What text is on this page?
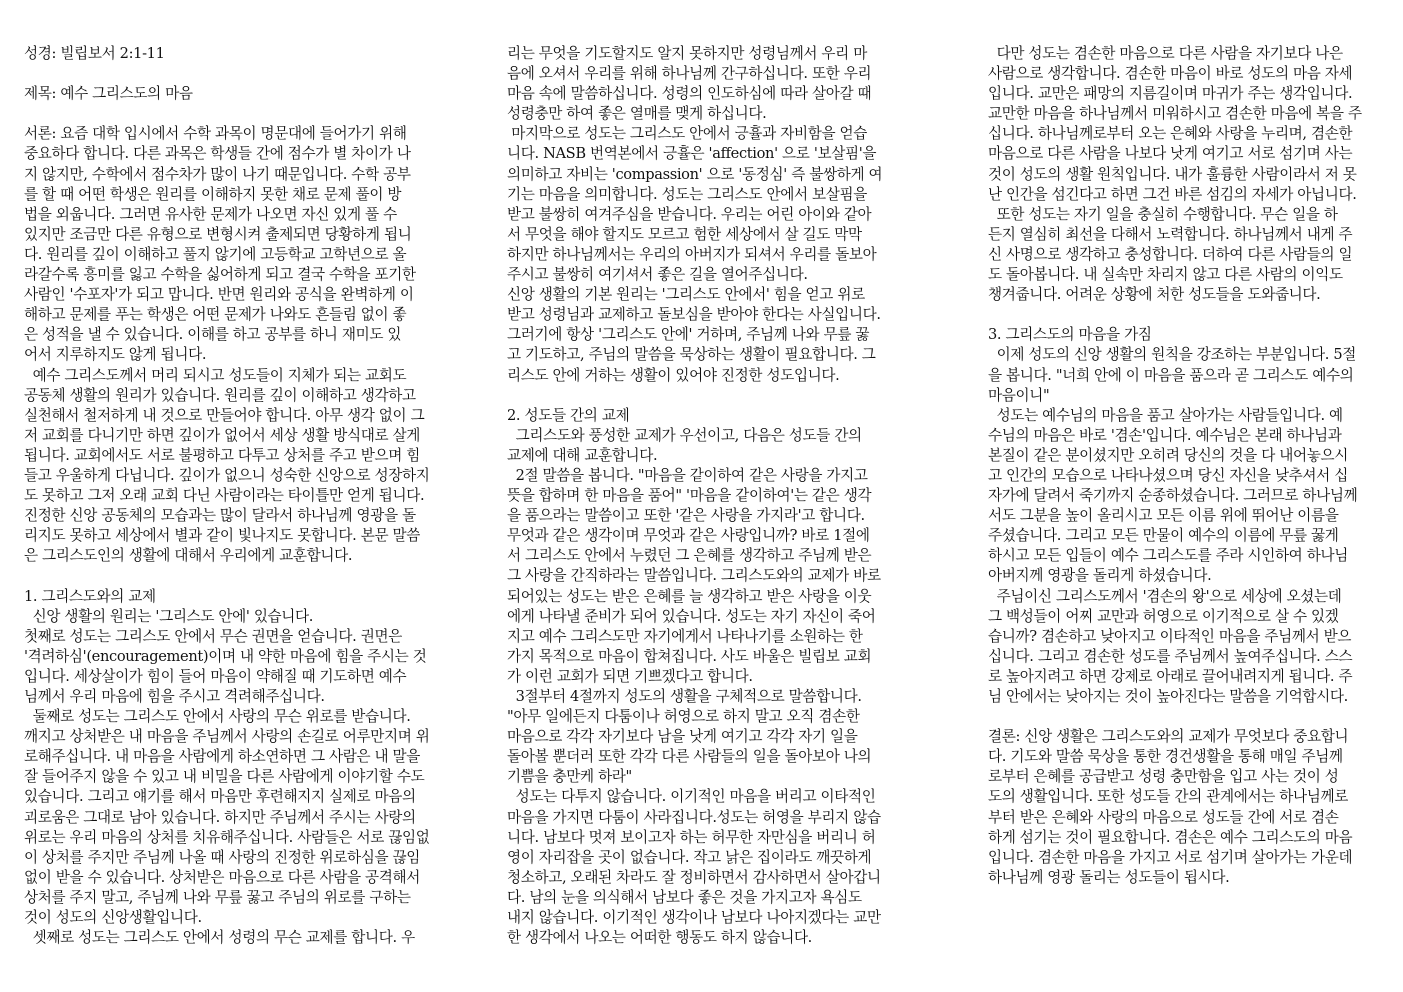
성경: 빌립보서 2:1-11
제목: 예수 그리스도의 마음
서론: 요즘 대학 입시에서 수학 과목이 명문대에 들어가기 위해
중요하다 합니다. 다른 과목은 학생들 간에 점수가 별 차이가 나
지 않지만, 수학에서 점수차가 많이 나기 때문입니다. 수학 공부
를 할 때 어떤 학생은 원리를 이해하지 못한 채로 문제 풀이 방
법을 외웁니다. 그러면 유사한 문제가 나오면 자신 있게 풀 수
있지만 조금만 다른 유형으로 변형시켜 출제되면 당황하게 됩니
다. 원리를 깊이 이해하고 풀지 않기에 고등학교 고학년으로 올
라갈수록 흥미를 잃고 수학을 싫어하게 되고 결국 수학을 포기한
사람인 '수포자'가 되고 맙니다. 반면 원리와 공식을 완벽하게 이
해하고 문제를 푸는 학생은 어떤 문제가 나와도 흔들림 없이 좋
은 성적을 낼 수 있습니다. 이해를 하고 공부를 하니 재미도 있
어서 지루하지도 않게 됩니다.
예수 그리스도께서 머리 되시고 성도들이 지체가 되는 교회도
공동체 생활의 원리가 있습니다. 원리를 깊이 이해하고 생각하고
실천해서 철저하게 내 것으로 만들어야 합니다. 아무 생각 없이 그
저 교회를 다니기만 하면 깊이가 없어서 세상 생활 방식대로 살게
됩니다. 교회에서도 서로 불평하고 다투고 상처를 주고 받으며 힘
들고 우울하게 다닙니다. 깊이가 없으니 성숙한 신앙으로 성장하지
도 못하고 그저 오래 교회 다닌 사람이라는 타이틀만 얻게 됩니다.
진정한 신앙 공동체의 모습과는 많이 달라서 하나님께 영광을 돌
리지도 못하고 세상에서 별과 같이 빛나지도 못합니다. 본문 말씀
은 그리스도인의 생활에 대해서 우리에게 교훈합니다.
1. 그리스도와의 교제
신앙 생활의 원리는 '그리스도 안에' 있습니다.
첫째로 성도는 그리스도 안에서 무슨 권면을 얻습니다. 권면은
'격려하심'(encouragement)이며 내 약한 마음에 힘을 주시는 것
입니다. 세상살이가 힘이 들어 마음이 약해질 때 기도하면 예수
님께서 우리 마음에 힘을 주시고 격려해주십니다.
둘째로 성도는 그리스도 안에서 사랑의 무슨 위로를 받습니다.
깨지고 상처받은 내 마음을 주님께서 사랑의 손길로 어루만지며 위
로해주십니다. 내 마음을 사람에게 하소연하면 그 사람은 내 말을
잘 들어주지 않을 수 있고 내 비밀을 다른 사람에게 이야기할 수도
있습니다. 그리고 얘기를 해서 마음만 후련해지지 실제로 마음의
괴로움은 그대로 남아 있습니다. 하지만 주님께서 주시는 사랑의
위로는 우리 마음의 상처를 치유해주십니다. 사람들은 서로 끊임없
이 상처를 주지만 주님께 나올 때 사랑의 진정한 위로하심을 끊임
없이 받을 수 있습니다. 상처받은 마음으로 다른 사람을 공격해서
상처를 주지 말고, 주님께 나와 무릎 꿇고 주님의 위로를 구하는
것이 성도의 신앙생활입니다.
셋째로 성도는 그리스도 안에서 성령의 무슨 교제를 합니다. 우
리는 무엇을 기도할지도 알지 못하지만 성령님께서 우리 마
음에 오셔서 우리를 위해 하나님께 간구하십니다. 또한 우리
마음 속에 말씀하십니다. 성령의 인도하심에 따라 살아갈 때
성령충만 하여 좋은 열매를 맺게 하십니다.
마지막으로 성도는 그리스도 안에서 긍휼과 자비함을 얻습
니다. NASB 번역본에서 긍휼은 'affection' 으로 '보살핌'을
의미하고 자비는 'compassion' 으로 '동정심' 즉 불쌍하게 여
기는 마음을 의미합니다. 성도는 그리스도 안에서 보살핌을
받고 불쌍히 여겨주심을 받습니다. 우리는 어린 아이와 같아
서 무엇을 해야 할지도 모르고 험한 세상에서 살 길도 막막
하지만 하나님께서는 우리의 아버지가 되셔서 우리를 돌보아
주시고 불쌍히 여기셔서 좋은 길을 열어주십니다.
신앙 생활의 기본 원리는 '그리스도 안에서' 힘을 얻고 위로
받고 성령님과 교제하고 돌보심을 받아야 한다는 사실입니다.
그러기에 항상 '그리스도 안에' 거하며, 주님께 나와 무릎 꿇
고 기도하고, 주님의 말씀을 묵상하는 생활이 필요합니다. 그
리스도 안에 거하는 생활이 있어야 진정한 성도입니다.
2. 성도들 간의 교제
그리스도와 풍성한 교제가 우선이고, 다음은 성도들 간의
교제에 대해 교훈합니다.
2절 말씀을 봅니다. "마음을 같이하여 같은 사랑을 가지고
뜻을 합하며 한 마음을 품어" '마음을 같이하여'는 같은 생각
을 품으라는 말씀이고 또한 '같은 사랑을 가지라'고 합니다.
무엇과 같은 생각이며 무엇과 같은 사랑입니까? 바로 1절에
서 그리스도 안에서 누렸던 그 은혜를 생각하고 주님께 받은
그 사랑을 간직하라는 말씀입니다. 그리스도와의 교제가 바로
되어있는 성도는 받은 은혜를 늘 생각하고 받은 사랑을 이웃
에게 나타낼 준비가 되어 있습니다. 성도는 자기 자신이 죽어
지고 예수 그리스도만 자기에게서 나타나기를 소원하는 한
가지 목적으로 마음이 합쳐집니다. 사도 바울은 빌립보 교회
가 이런 교회가 되면 기쁘겠다고 합니다.
3절부터 4절까지 성도의 생활을 구체적으로 말씀합니다.
"아무 일에든지 다툼이나 허영으로 하지 말고 오직 겸손한
마음으로 각각 자기보다 남을 낫게 여기고 각각 자기 일을
돌아볼 뿐더러 또한 각각 다른 사람들의 일을 돌아보아 나의
기쁨을 충만케 하라"
성도는 다투지 않습니다. 이기적인 마음을 버리고 이타적인
마음을 가지면 다툼이 사라집니다.성도는 허영을 부리지 않습
니다. 남보다 멋져 보이고자 하는 허무한 자만심을 버리니 허
영이 자리잡을 곳이 없습니다. 작고 낡은 집이라도 깨끗하게
청소하고, 오래된 차라도 잘 정비하면서 감사하면서 살아갑니
다. 남의 눈을 의식해서 남보다 좋은 것을 가지고자 욕심도
내지 않습니다. 이기적인 생각이나 남보다 나아지겠다는 교만
한 생각에서 나오는 어떠한 행동도 하지 않습니다.
다만 성도는 겸손한 마음으로 다른 사람을 자기보다 나은
사람으로 생각합니다. 겸손한 마음이 바로 성도의 마음 자세
입니다. 교만은 패망의 지름길이며 마귀가 주는 생각입니다.
교만한 마음을 하나님께서 미워하시고 겸손한 마음에 복을 주
십니다. 하나님께로부터 오는 은혜와 사랑을 누리며, 겸손한
마음으로 다른 사람을 나보다 낫게 여기고 서로 섬기며 사는
것이 성도의 생활 원칙입니다. 내가 훌륭한 사람이라서 저 못
난 인간을 섬긴다고 하면 그건 바른 섬김의 자세가 아닙니다.
또한 성도는 자기 일을 충실히 수행합니다. 무슨 일을 하
든지 열심히 최선을 다해서 노력합니다. 하나님께서 내게 주
신 사명으로 생각하고 충성합니다. 더하여 다른 사람들의 일
도 돌아봅니다. 내 실속만 차리지 않고 다른 사람의 이익도
챙겨줍니다. 어려운 상황에 처한 성도들을 도와줍니다.
3. 그리스도의 마음을 가짐
이제 성도의 신앙 생활의 원칙을 강조하는 부분입니다. 5절
을 봅니다. "너희 안에 이 마음을 품으라 곧 그리스도 예수의
마음이니"
성도는 예수님의 마음을 품고 살아가는 사람들입니다. 예
수님의 마음은 바로 '겸손'입니다. 예수님은 본래 하나님과
본질이 같은 분이셨지만 오히려 당신의 것을 다 내어놓으시
고 인간의 모습으로 나타나셨으며 당신 자신을 낮추셔서 십
자가에 달려서 죽기까지 순종하셨습니다. 그러므로 하나님께
서도 그분을 높이 올리시고 모든 이름 위에 뛰어난 이름을
주셨습니다. 그리고 모든 만물이 예수의 이름에 무릎 꿇게
하시고 모든 입들이 예수 그리스도를 주라 시인하여 하나님
아버지께 영광을 돌리게 하셨습니다.
주님이신 그리스도께서 '겸손의 왕'으로 세상에 오셨는데
그 백성들이 어찌 교만과 허영으로 이기적으로 살 수 있겠
습니까? 겸손하고 낮아지고 이타적인 마음을 주님께서 받으
십니다. 그리고 겸손한 성도를 주님께서 높여주십니다. 스스
로 높아지려고 하면 강제로 아래로 끌어내려지게 됩니다. 주
님 안에서는 낮아지는 것이 높아진다는 말씀을 기억합시다.
결론: 신앙 생활은 그리스도와의 교제가 무엇보다 중요합니
다. 기도와 말씀 묵상을 통한 경건생활을 통해 매일 주님께
로부터 은혜를 공급받고 성령 충만함을 입고 사는 것이 성
도의 생활입니다. 또한 성도들 간의 관계에서는 하나님께로
부터 받은 은혜와 사랑의 마음으로 성도들 간에 서로 겸손
하게 섬기는 것이 필요합니다. 겸손은 예수 그리스도의 마음
입니다. 겸손한 마음을 가지고 서로 섬기며 살아가는 가운데
하나님께 영광 돌리는 성도들이 됩시다.
